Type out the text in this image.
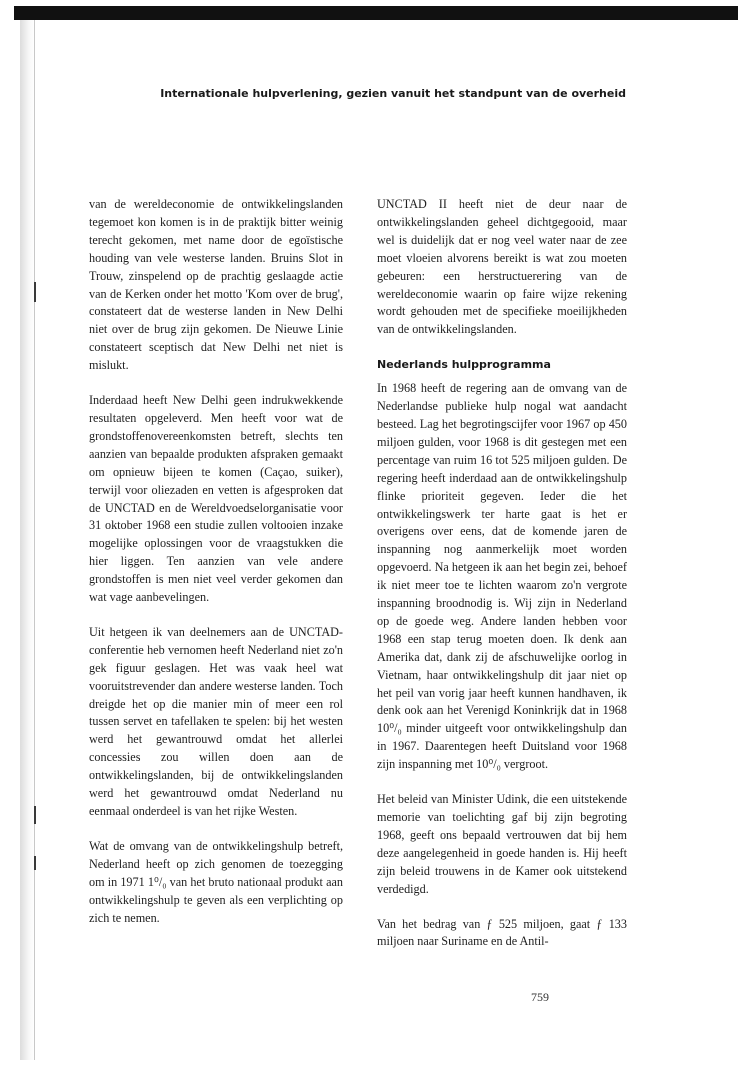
Internationale hulpverlening, gezien vanuit het standpunt van de overheid

van de wereldeconomie de ontwikkelingslanden tegemoet kon komen is in de praktijk bitter weinig terecht gekomen, met name door de egoïstische houding van vele westerse landen. Bruins Slot in Trouw, zinspelend op de prachtig geslaagde actie van de Kerken onder het motto 'Kom over de brug', constateert dat de westerse landen in New Delhi niet over de brug zijn gekomen. De Nieuwe Linie constateert sceptisch dat New Delhi net niet is mislukt.

Inderdaad heeft New Delhi geen indrukwekkende resultaten opgeleverd. Men heeft voor wat de grondstoffenovereenkomsten betreft, slechts ten aanzien van bepaalde produkten afspraken gemaakt om opnieuw bijeen te komen (Caçao, suiker), terwijl voor oliezaden en vetten is afgesproken dat de UNCTAD en de Wereldvoedselorganisatie voor 31 oktober 1968 een studie zullen voltooien inzake mogelijke oplossingen voor de vraagstukken die hier liggen. Ten aanzien van vele andere grondstoffen is men niet veel verder gekomen dan wat vage aanbevelingen.

Uit hetgeen ik van deelnemers aan de UNCTAD-conferentie heb vernomen heeft Nederland niet zo'n gek figuur geslagen. Het was vaak heel wat vooruitstrevender dan andere westerse landen. Toch dreigde het op die manier min of meer een rol tussen servet en tafellaken te spelen: bij het westen werd het gewantrouwd omdat het allerlei concessies zou willen doen aan de ontwikkelingslanden, bij de ontwikkelingslanden werd het gewantrouwd omdat Nederland nu eenmaal onderdeel is van het rijke Westen.

Wat de omvang van de ontwikkelingshulp betreft, Nederland heeft op zich genomen de toezegging om in 1971 1⁰/₀ van het bruto nationaal produkt aan ontwikkelingshulp te geven als een verplichting op zich te nemen.

UNCTAD II heeft niet de deur naar de ontwikkelingslanden geheel dichtgegooid, maar wel is duidelijk dat er nog veel water naar de zee moet vloeien alvorens bereikt is wat zou moeten gebeuren: een herstructuerering van de wereldeconomie waarin op faire wijze rekening wordt gehouden met de specifieke moeilijkheden van de ontwikkelingslanden.

Nederlands hulpprogramma

In 1968 heeft de regering aan de omvang van de Nederlandse publieke hulp nogal wat aandacht besteed. Lag het begrotingscijfer voor 1967 op 450 miljoen gulden, voor 1968 is dit gestegen met een percentage van ruim 16 tot 525 miljoen gulden. De regering heeft inderdaad aan de ontwikkelingshulp flinke prioriteit gegeven. Ieder die het ontwikkelingswerk ter harte gaat is het er overigens over eens, dat de komende jaren de inspanning nog aanmerkelijk moet worden opgevoerd. Na hetgeen ik aan het begin zei, behoef ik niet meer toe te lichten waarom zo'n vergrote inspanning broodnodig is. Wij zijn in Nederland op de goede weg. Andere landen hebben voor 1968 een stap terug moeten doen. Ik denk aan Amerika dat, dank zij de afschuwelijke oorlog in Vietnam, haar ontwikkelingshulp dit jaar niet op het peil van vorig jaar heeft kunnen handhaven, ik denk ook aan het Verenigd Koninkrijk dat in 1968 10⁰/₀ minder uitgeeft voor ontwikkelingshulp dan in 1967. Daarentegen heeft Duitsland voor 1968 zijn inspanning met 10⁰/₀ vergroot.

Het beleid van Minister Udink, die een uitstekende memorie van toelichting gaf bij zijn begroting 1968, geeft ons bepaald vertrouwen dat bij hem deze aangelegenheid in goede handen is. Hij heeft zijn beleid trouwens in de Kamer ook uitstekend verdedigd.

Van het bedrag van ƒ 525 miljoen, gaat ƒ 133 miljoen naar Suriname en de Antil-

759
